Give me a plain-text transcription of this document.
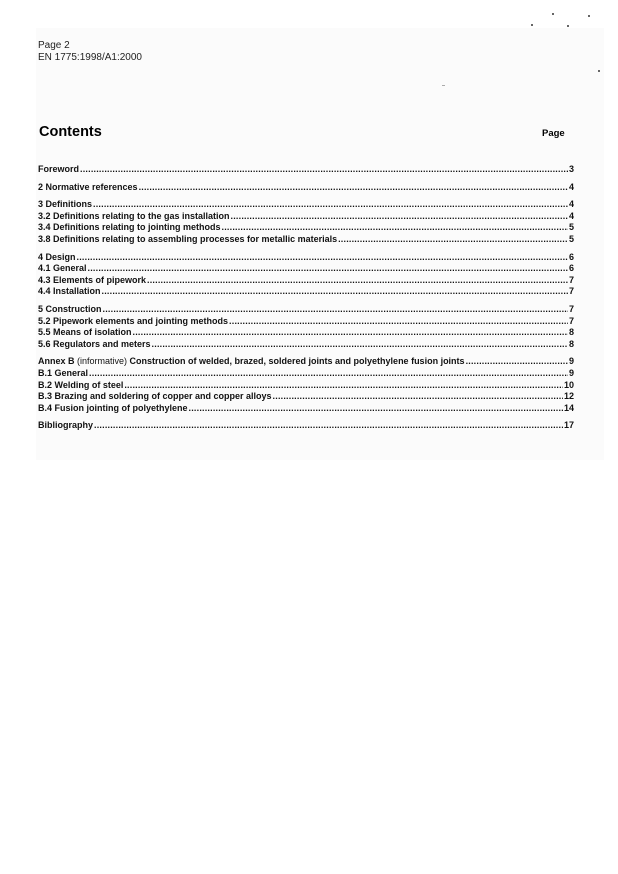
Page 2
EN 1775:1998/A1:2000
Contents	Page
Foreword .....	3
2 Normative references .....	4
3 Definitions .....	4
3.2 Definitions relating to the gas installation .....	4
3.4 Definitions relating to jointing methods .....	5
3.8 Definitions relating to assembling processes for metallic materials .....	5
4 Design .....	6
4.1 General .....	6
4.3 Elements of pipework .....	7
4.4 Installation .....	7
5 Construction .....	7
5.2 Pipework elements and jointing methods .....	7
5.5 Means of isolation .....	8
5.6 Regulators and meters .....	8
Annex B (informative) Construction of welded, brazed, soldered joints and polyethylene fusion joints .....	9
B.1 General .....	9
B.2 Welding of steel .....	10
B.3 Brazing and soldering of copper and copper alloys .....	12
B.4 Fusion jointing of polyethylene .....	14
Bibliography .....	17
